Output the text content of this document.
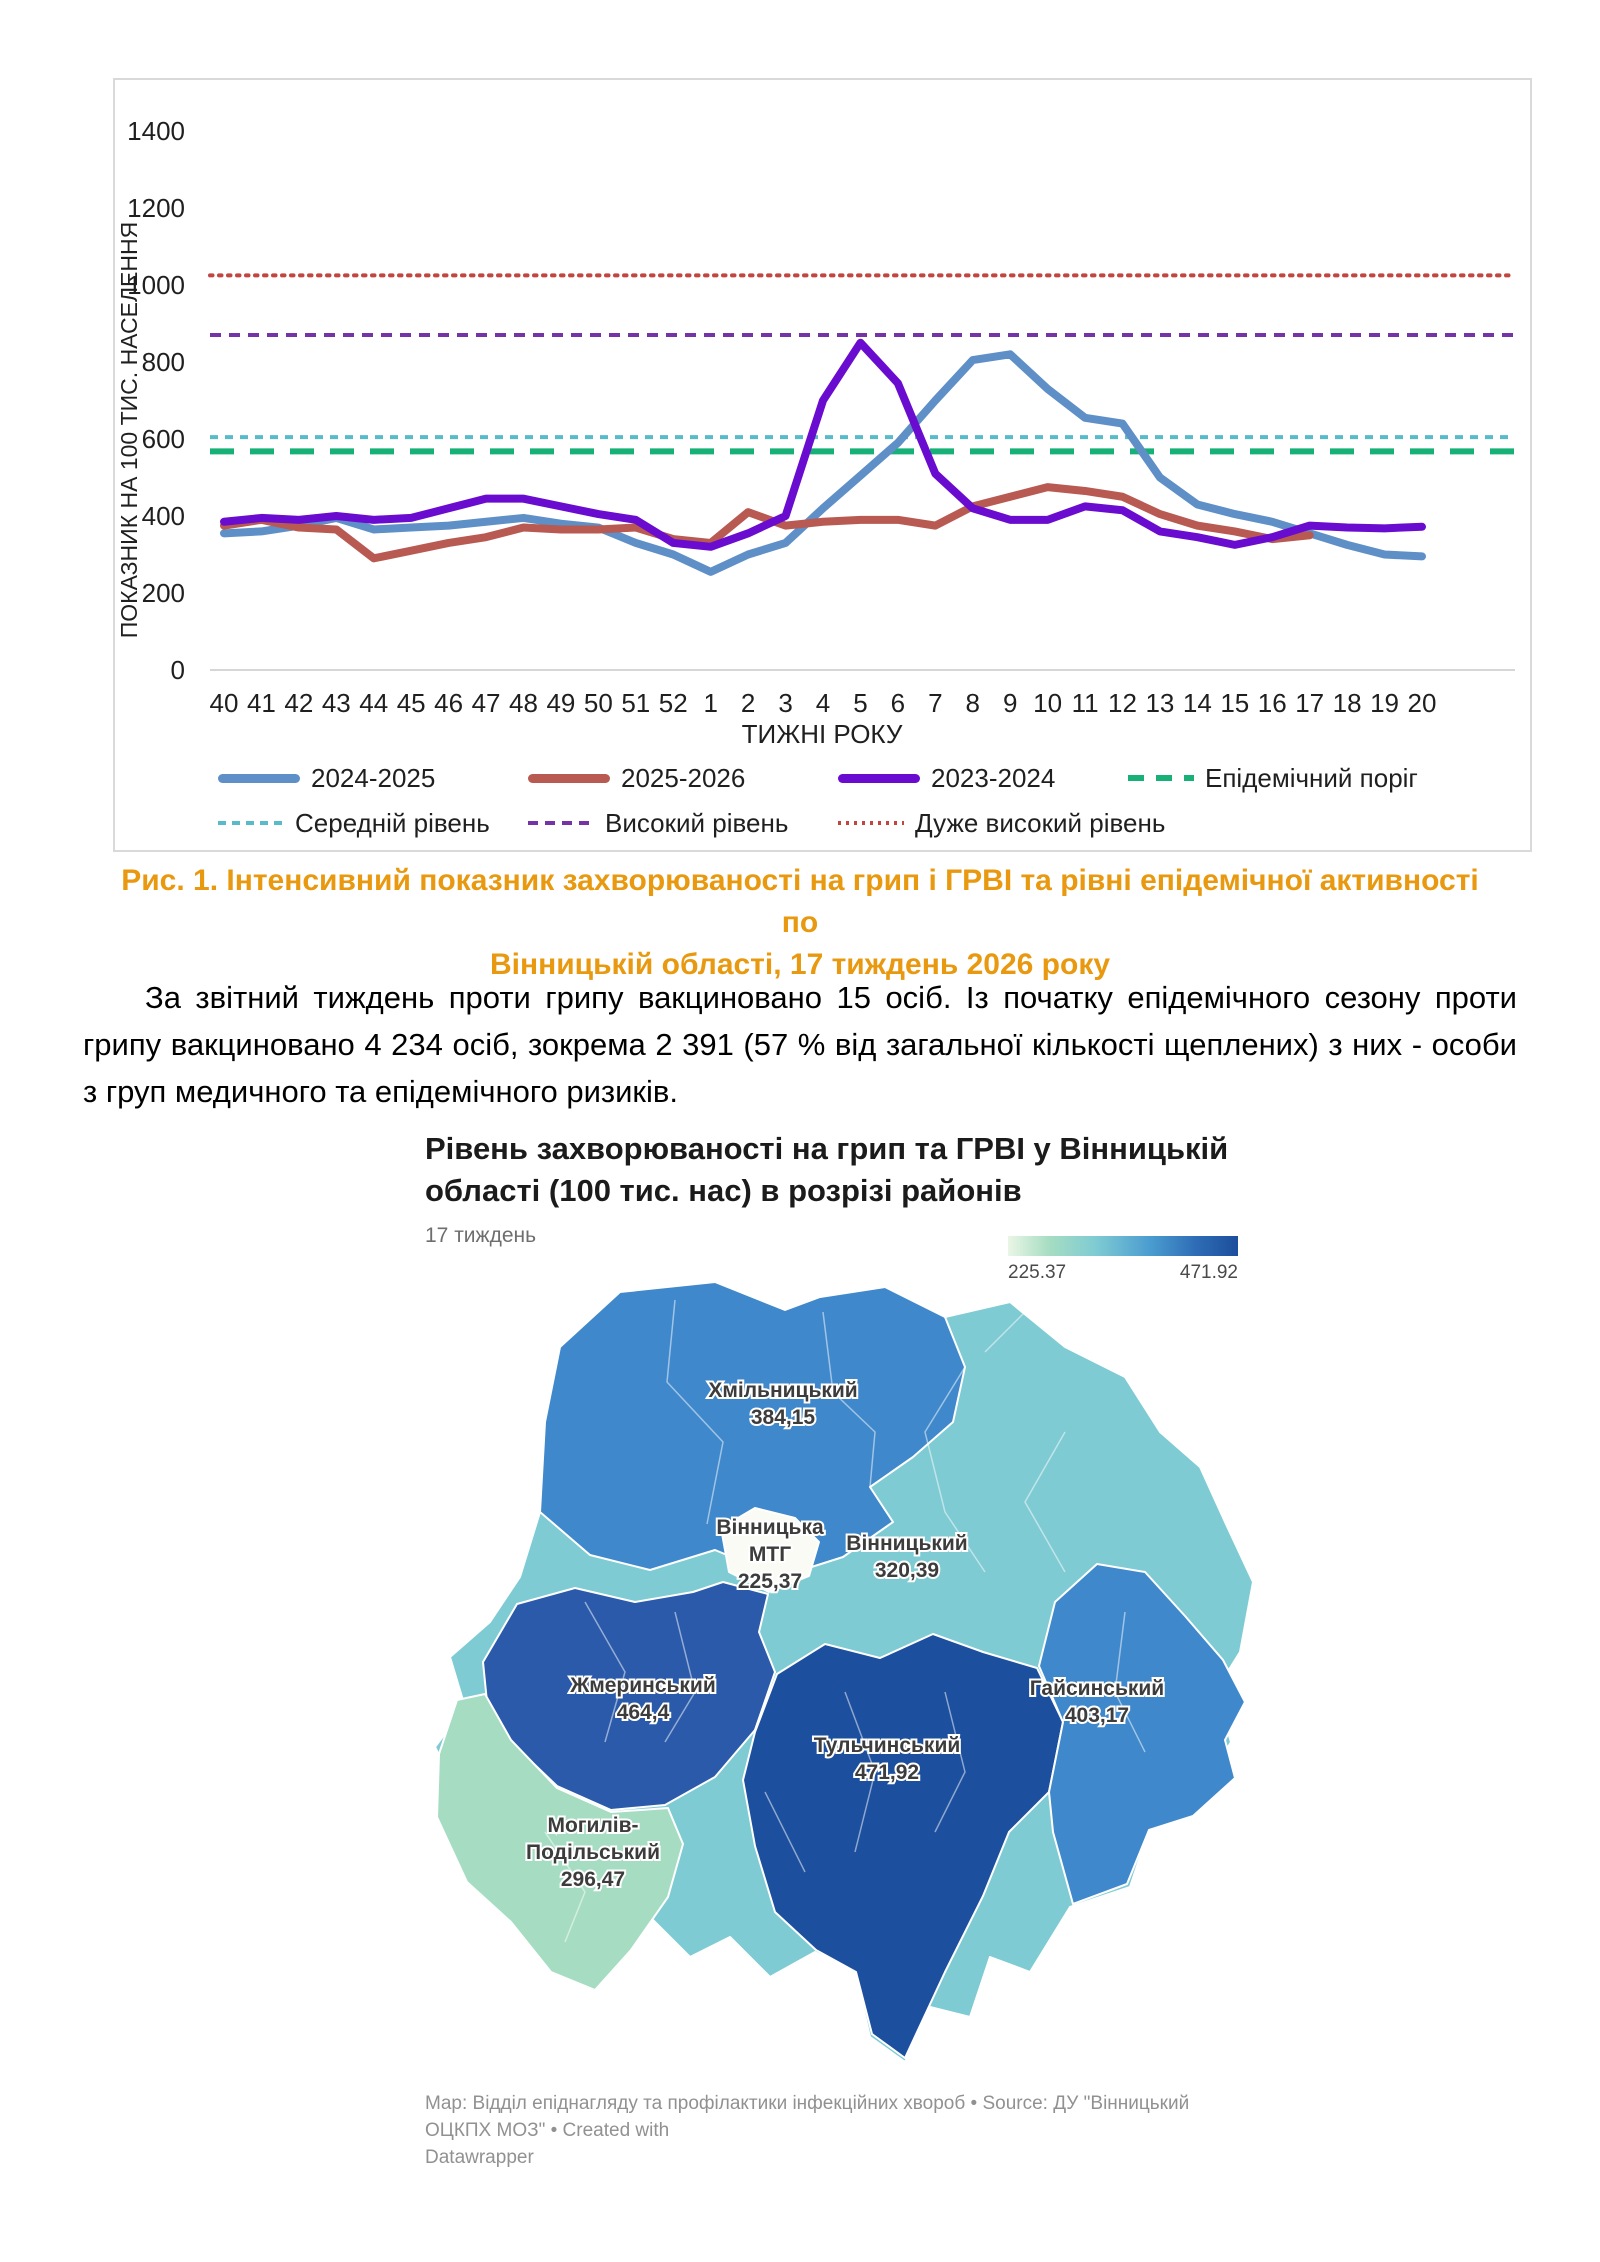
1400
1200
1000
800
600
400
200
0
ПОКАЗНИК НА 100 ТИС. НАСЕЛЕННЯ
40 41 42 43 44 45 46 47 48 49 50 51 52 1 2 3 4 5 6 7 8 9 10 11 12 13 14 15 16 17 18 19 20
ТИЖНІ РОКУ
2024-2025	2025-2026	2023-2024	Епідемічний поріг
Середній рівень	Високий рівень	Дуже високий рівень
Рис. 1. Інтенсивний показник захворюваності на грип і ГРВІ та рівні епідемічної активності по
Вінницькій області, 17 тиждень 2026 року
За звітний тиждень проти грипу вакциновано 15 осіб. Із початку епідемічного сезону проти грипу вакциновано 4 234 осіб, зокрема 2 391 (57 % від загальної кількості щеплених) з них - особи з груп медичного та епідемічного ризиків.
Рівень захворюваності на грип та ГРВІ у Вінницькій
області (100 тис. нас) в розрізі районів
17 тиждень
225.37	471.92
Хмільницький
384,15
Вінницька
МТГ
225,37
Вінницький
320,39
Жмеринський
464,4
Гайсинський
403,17
Тульчинський
471,92
Могилів-
Подільський
296,47
Map: Відділ епіднагляду та профілактики інфекційних хвороб • Source: ДУ "Вінницький ОЦКПХ МОЗ" • Created with
Datawrapper
